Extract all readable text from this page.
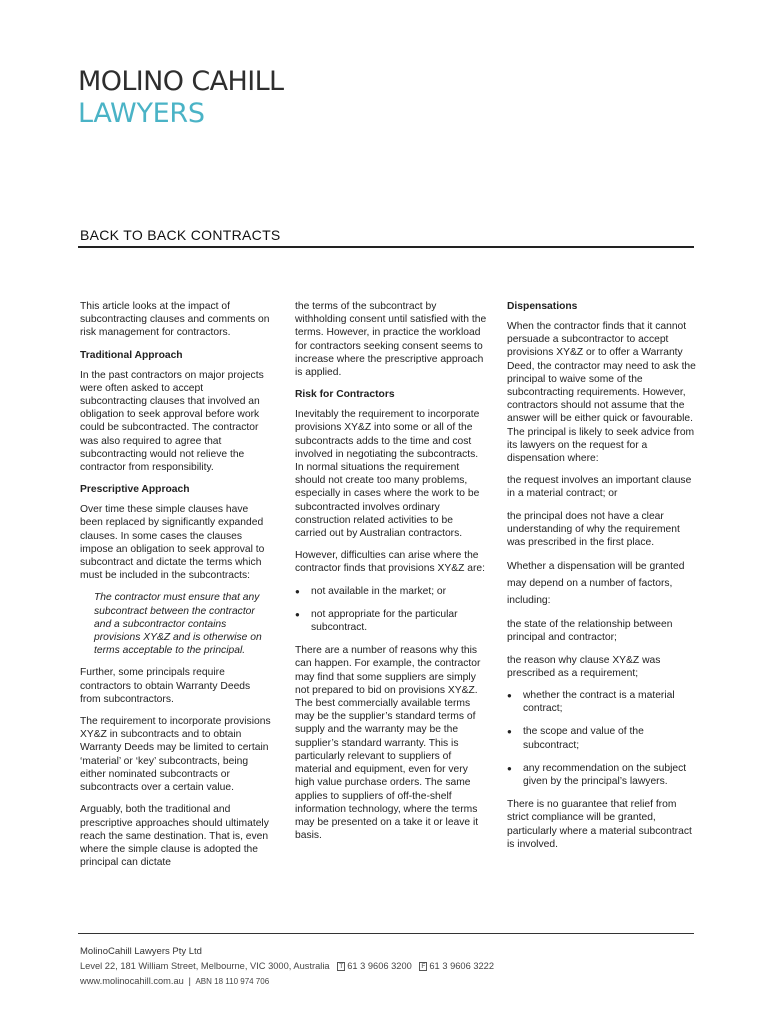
MOLINO CAHILL
LAWYERS
BACK TO BACK CONTRACTS

This article looks at the impact of subcontracting clauses and comments on risk management for contractors.

Traditional Approach

In the past contractors on major projects were often asked to accept subcontracting clauses that involved an obligation to seek approval before work could be subcontracted. The contractor was also required to agree that subcontracting would not relieve the contractor from responsibility.

Prescriptive Approach

Over time these simple clauses have been replaced by significantly expanded clauses. In some cases the clauses impose an obligation to seek approval to subcontract and dictate the terms which must be included in the subcontracts:

The contractor must ensure that any subcontract between the contractor and a subcontractor contains provisions XY&Z and is otherwise on terms acceptable to the principal.

Further, some principals require contractors to obtain Warranty Deeds from subcontractors.

The requirement to incorporate provisions XY&Z in subcontracts and to obtain Warranty Deeds may be limited to certain ‘material’ or ‘key’ subcontracts, being either nominated subcontracts or subcontracts over a certain value.

Arguably, both the traditional and prescriptive approaches should ultimately reach the same destination. That is, even where the simple clause is adopted the principal can dictate

the terms of the subcontract by withholding consent until satisfied with the terms. However, in practice the workload for contractors seeking consent seems to increase where the prescriptive approach is applied.

Risk for Contractors

Inevitably the requirement to incorporate provisions XY&Z into some or all of the subcontracts adds to the time and cost involved in negotiating the subcontracts. In normal situations the requirement should not create too many problems, especially in cases where the work to be subcontracted involves ordinary construction related activities to be carried out by Australian contractors.

However, difficulties can arise where the contractor finds that provisions XY&Z are:

● not available in the market; or
● not appropriate for the particular subcontract.

There are a number of reasons why this can happen. For example, the contractor may find that some suppliers are simply not prepared to bid on provisions XY&Z. The best commercially available terms may be the supplier’s standard terms of supply and the warranty may be the supplier’s standard warranty. This is particularly relevant to suppliers of material and equipment, even for very high value purchase orders. The same applies to suppliers of off-the-shelf information technology, where the terms may be presented on a take it or leave it basis.

Dispensations

When the contractor finds that it cannot persuade a subcontractor to accept provisions XY&Z or to offer a Warranty Deed, the contractor may need to ask the principal to waive some of the subcontracting requirements. However, contractors should not assume that the answer will be either quick or favourable. The principal is likely to seek advice from its lawyers on the request for a dispensation where:

the request involves an important clause in a material contract; or

the principal does not have a clear understanding of why the requirement was prescribed in the first place.

Whether a dispensation will be granted may depend on a number of factors, including:

the state of the relationship between principal and contractor;

the reason why clause XY&Z was prescribed as a requirement;

● whether the contract is a material contract;
● the scope and value of the subcontract;
● any recommendation on the subject given by the principal’s lawyers.

There is no guarantee that relief from strict compliance will be granted, particularly where a material subcontract is involved.

MolinoCahill Lawyers Pty Ltd
Level 22, 181 William Street, Melbourne, VIC 3000, Australia T 61 3 9606 3200 F 61 3 9606 3222
www.molinocahill.com.au | ABN 18 110 974 706
